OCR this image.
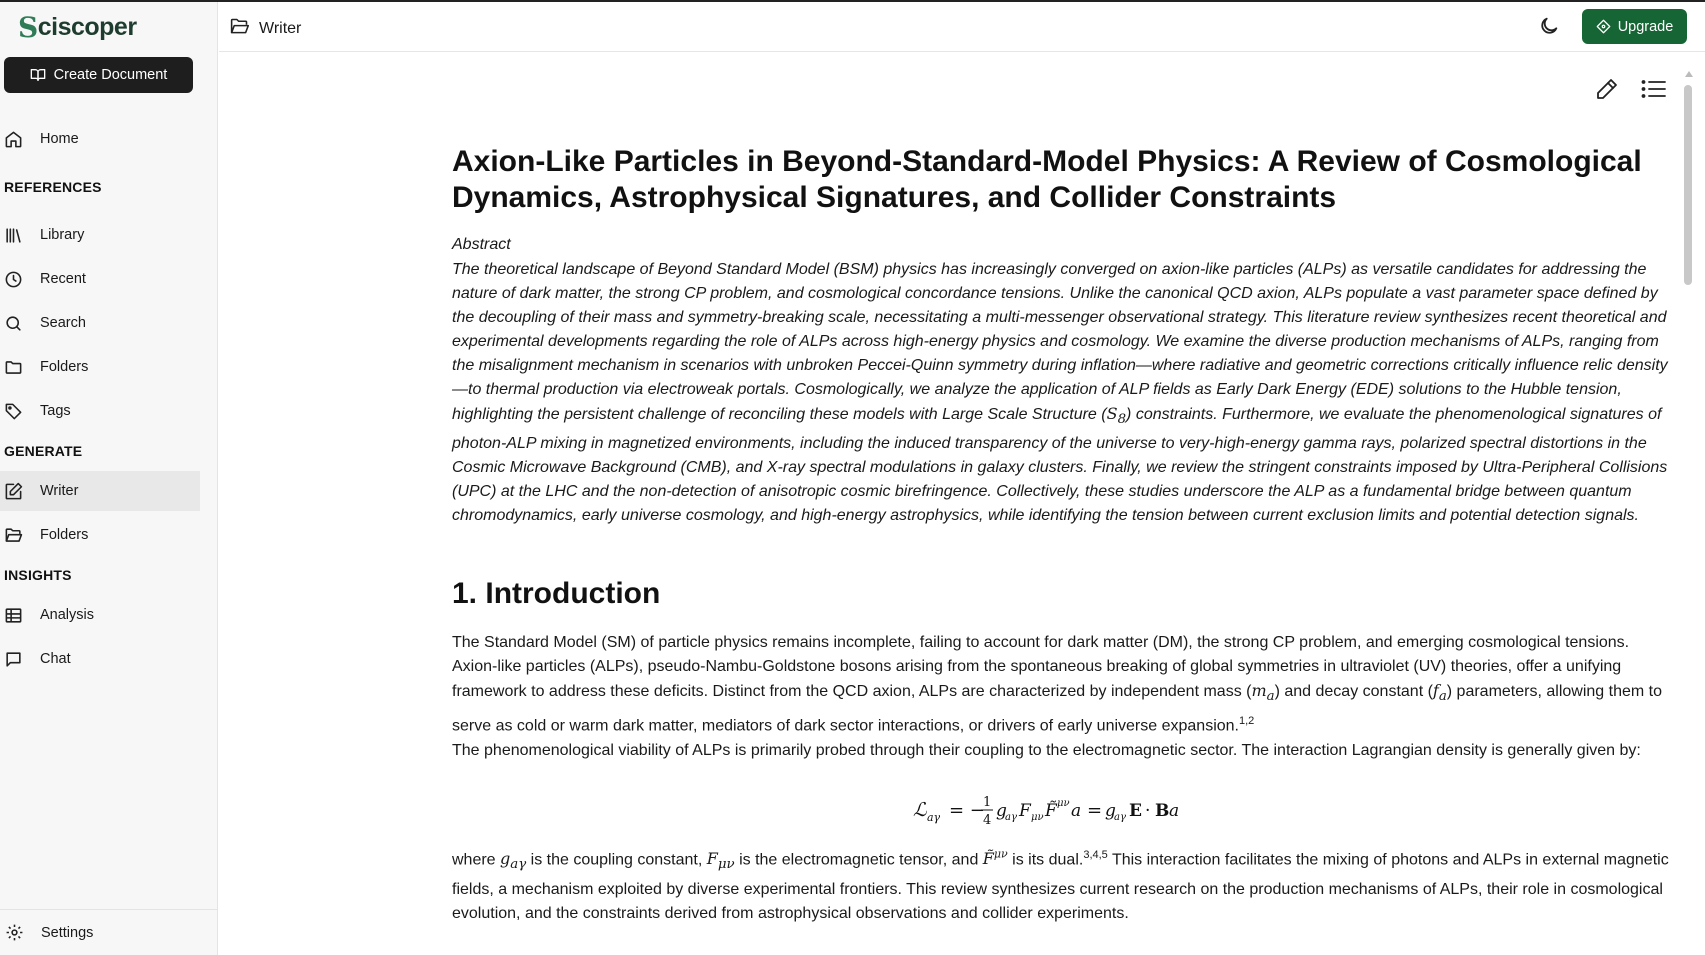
S ciscoper
Create Document
Home
REFERENCES
Library
Recent
Search
Folders
Tags
GENERATE
Writer
Folders
INSIGHTS
Analysis
Chat
Settings
Writer	Upgrade
Axion-Like Particles in Beyond-Standard-Model Physics: A Review of Cosmological Dynamics, Astrophysical Signatures, and Collider Constraints
Abstract

The theoretical landscape of Beyond Standard Model (BSM) physics has increasingly converged on axion-like particles (ALPs) as versatile candidates for addressing the nature of dark matter, the strong CP problem, and cosmological concordance tensions. Unlike the canonical QCD axion, ALPs populate a vast parameter space defined by the decoupling of their mass and symmetry-breaking scale, necessitating a multi-messenger observational strategy. This literature review synthesizes recent theoretical and experimental developments regarding the role of ALPs across high-energy physics and cosmology. We examine the diverse production mechanisms of ALPs, ranging from the misalignment mechanism in scenarios with unbroken Peccei-Quinn symmetry during inflation—where radiative and geometric corrections critically influence relic density—to thermal production via electroweak portals. Cosmologically, we analyze the application of ALP fields as Early Dark Energy (EDE) solutions to the Hubble tension, highlighting the persistent challenge of reconciling these models with Large Scale Structure $(S_8)$ constraints. Furthermore, we evaluate the phenomenological signatures of photon-ALP mixing in magnetized environments, including the induced transparency of the universe to very-high-energy gamma rays, polarized spectral distortions in the Cosmic Microwave Background (CMB), and X-ray spectral modulations in galaxy clusters. Finally, we review the stringent constraints imposed by Ultra-Peripheral Collisions (UPC) at the LHC and the non-detection of anisotropic cosmic birefringence. Collectively, these studies underscore the ALP as a fundamental bridge between quantum chromodynamics, early universe cosmology, and high-energy astrophysics, while identifying the tension between current exclusion limits and potential detection signals.

1. Introduction

The Standard Model (SM) of particle physics remains incomplete, failing to account for dark matter (DM), the strong CP problem, and emerging cosmological tensions. Axion-like particles (ALPs), pseudo-Nambu-Goldstone bosons arising from the spontaneous breaking of global symmetries in ultraviolet (UV) theories, offer a unifying framework to address these deficits. Distinct from the QCD axion, ALPs are characterized by independent mass $(m_a)$ and decay constant $(f_a)$ parameters, allowing them to serve as cold or warm dark matter, mediators of dark sector interactions, or drivers of early universe expansion.$^{1,2}$
The phenomenological viability of ALPs is primarily probed through their coupling to the electromagnetic sector. The interaction Lagrangian density is generally given by:

ℒ aγ = −
1
4 g
aγ F μν F̃ μν a = g
aγ E · B a

where $g_{a\gamma}$ is the coupling constant, $F_{\mu\nu}$ is the electromagnetic tensor, and F̃$^{\mu\nu}$ is its dual.$^{3,4,5}$ This interaction facilitates the mixing of photons and ALPs in external magnetic fields, a mechanism exploited by diverse experimental frontiers. This review synthesizes current research on the production mechanisms of ALPs, their role in cosmological evolution, and the constraints derived from astrophysical observations and collider experiments.
